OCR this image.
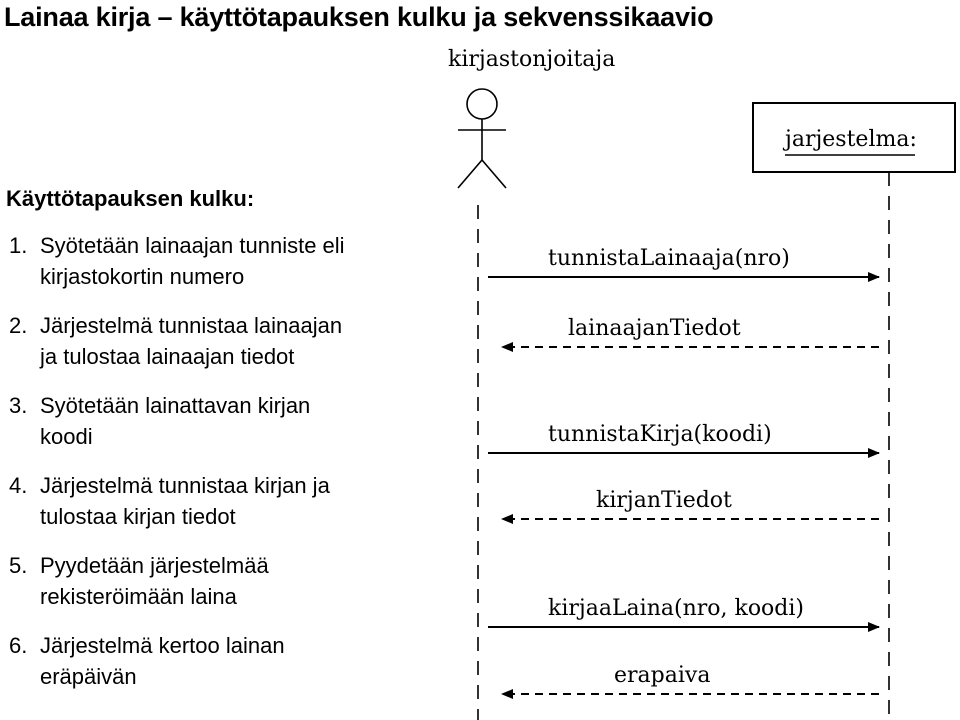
Lainaa kirja – käyttötapauksen kulku ja sekvenssikaavio
Käyttötapauksen kulku:
1. Syötetään lainaajan tunniste eli
kirjastokortin numero
2. Järjestelmä tunnistaa lainaajan
ja tulostaa lainaajan tiedot
3. Syötetään lainattavan kirjan
koodi
4. Järjestelmä tunnistaa kirjan ja
tulostaa kirjan tiedot
5. Pyydetään järjestelmää
rekisteröimään laina
6. Järjestelmä kertoo lainan
eräpäivän
kirjastonjoitaja
jarjestelma:
tunnistaLainaaja(nro)
lainaajanTiedot
tunnistaKirja(koodi)
kirjanTiedot
kirjaaLaina(nro, koodi)
erapaiva
